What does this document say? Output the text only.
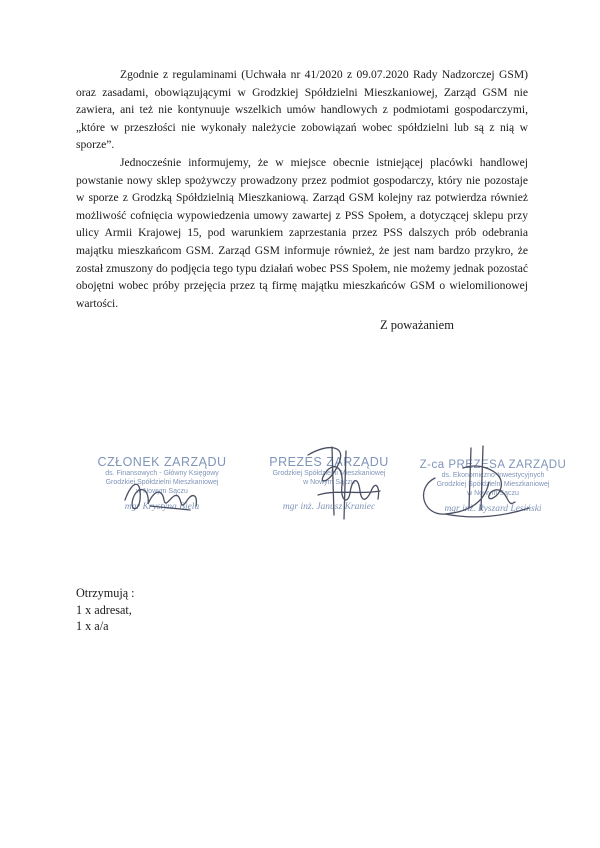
Zgodnie z regulaminami (Uchwała nr 41/2020 z 09.07.2020 Rady Nadzorczej GSM) oraz zasadami, obowiązującymi w Grodzkiej Spółdzielni Mieszkaniowej, Zarząd GSM nie zawiera, ani też nie kontynuuje wszelkich umów handlowych z podmiotami gospodarczymi, „które w przeszłości nie wykonały należycie zobowiązań wobec spółdzielni lub są z nią w sporze”.

Jednocześnie informujemy, że w miejsce obecnie istniejącej placówki handlowej powstanie nowy sklep spożywczy prowadzony przez podmiot gospodarczy, który nie pozostaje w sporze z Grodzką Spółdzielnią Mieszkaniową. Zarząd GSM kolejny raz potwierdza również możliwość cofnięcia wypowiedzenia umowy zawartej z PSS Społem, a dotyczącej sklepu przy ulicy Armii Krajowej 15, pod warunkiem zaprzestania przez PSS dalszych prób odebrania majątku mieszkańcom GSM. Zarząd GSM informuje również, że jest nam bardzo przykro, że został zmuszony do podjęcia tego typu działań wobec PSS Społem, nie możemy jednak pozostać obojętni wobec próby przejęcia przez tą firmę majątku mieszkańców GSM o wielomilionowej wartości.

Z poważaniem
CZŁONEK ZARZĄDU
ds. Finansowych - Główny Księgowy
Grodzkiej Spółdzielni Mieszkaniowej
w Nowym Sączu
mgr Krystyna Biela
PREZES ZARZĄDU
Grodzkiej Spółdzielni Mieszkaniowej
w Nowym Sączu

mgr inż. Janusz Kraniec
Z-ca PREZESA ZARZĄDU
ds. Ekonomiczno-Inwestycyjnych
Grodzkiej Spółdzielni Mieszkaniowej
w Nowym Sączu
mgr inż. Ryszard Lesiński
Otrzymują :
1 x adresat,
1 x a/a
